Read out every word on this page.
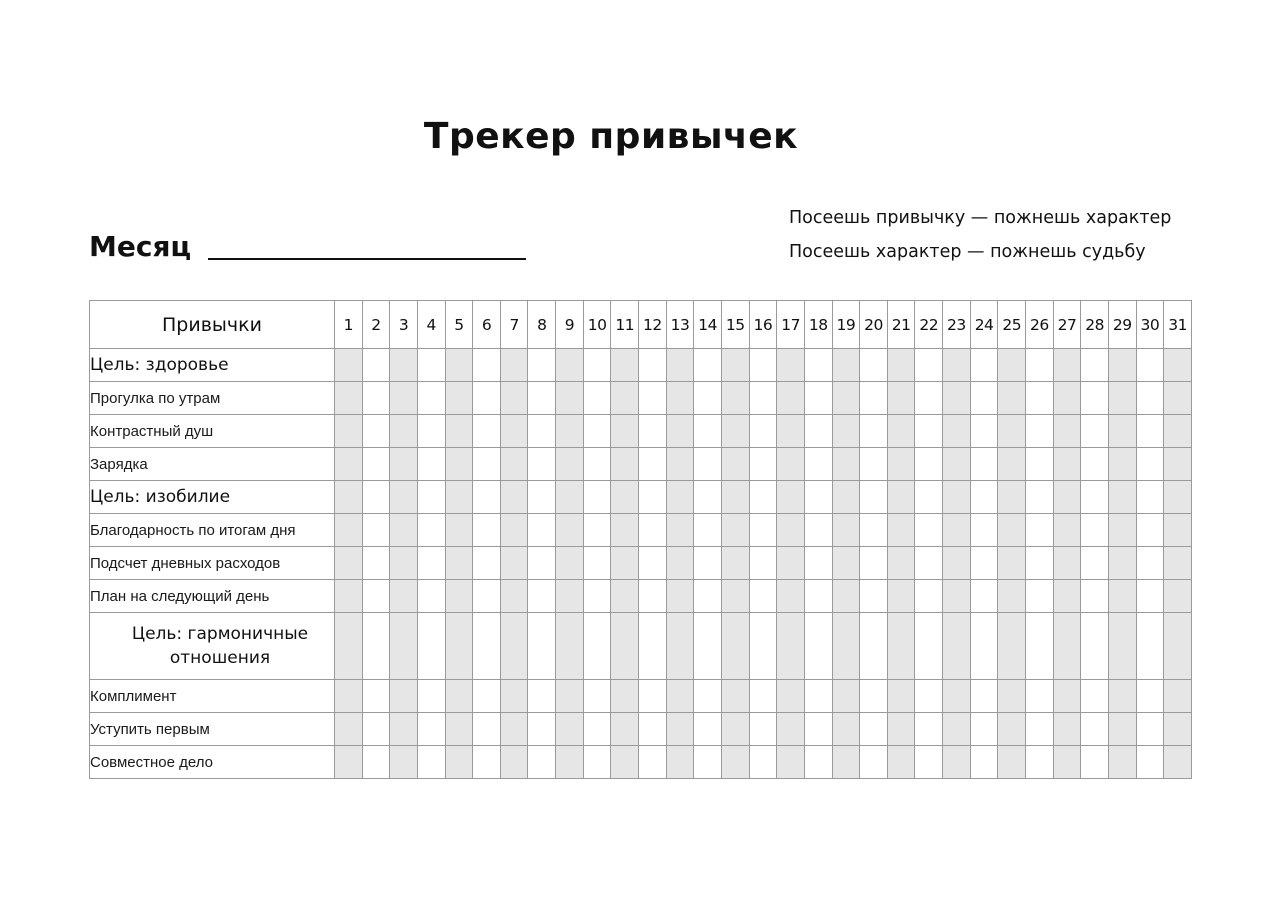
Трекер привычек
Месяц
Посеешь привычку — пожнешь характер
Посеешь характер — пожнешь судьбу
Привычки	1	2	3	4	5	6	7	8	9	10	11	12	13	14	15	16	17	18	19	20	21	22	23	24	25	26	27	28	29	30	31
Цель: здоровье																															
Прогулка по утрам																															
Контрастный душ																															
Зарядка																															
Цель: изобилие																															
Благодарность по итогам дня																															
Подсчет дневных расходов																															
План на следующий день																															

Цель: гармоничные отношения																															

Комплимент																															
Уступить первым																															
Совместное дело																															
